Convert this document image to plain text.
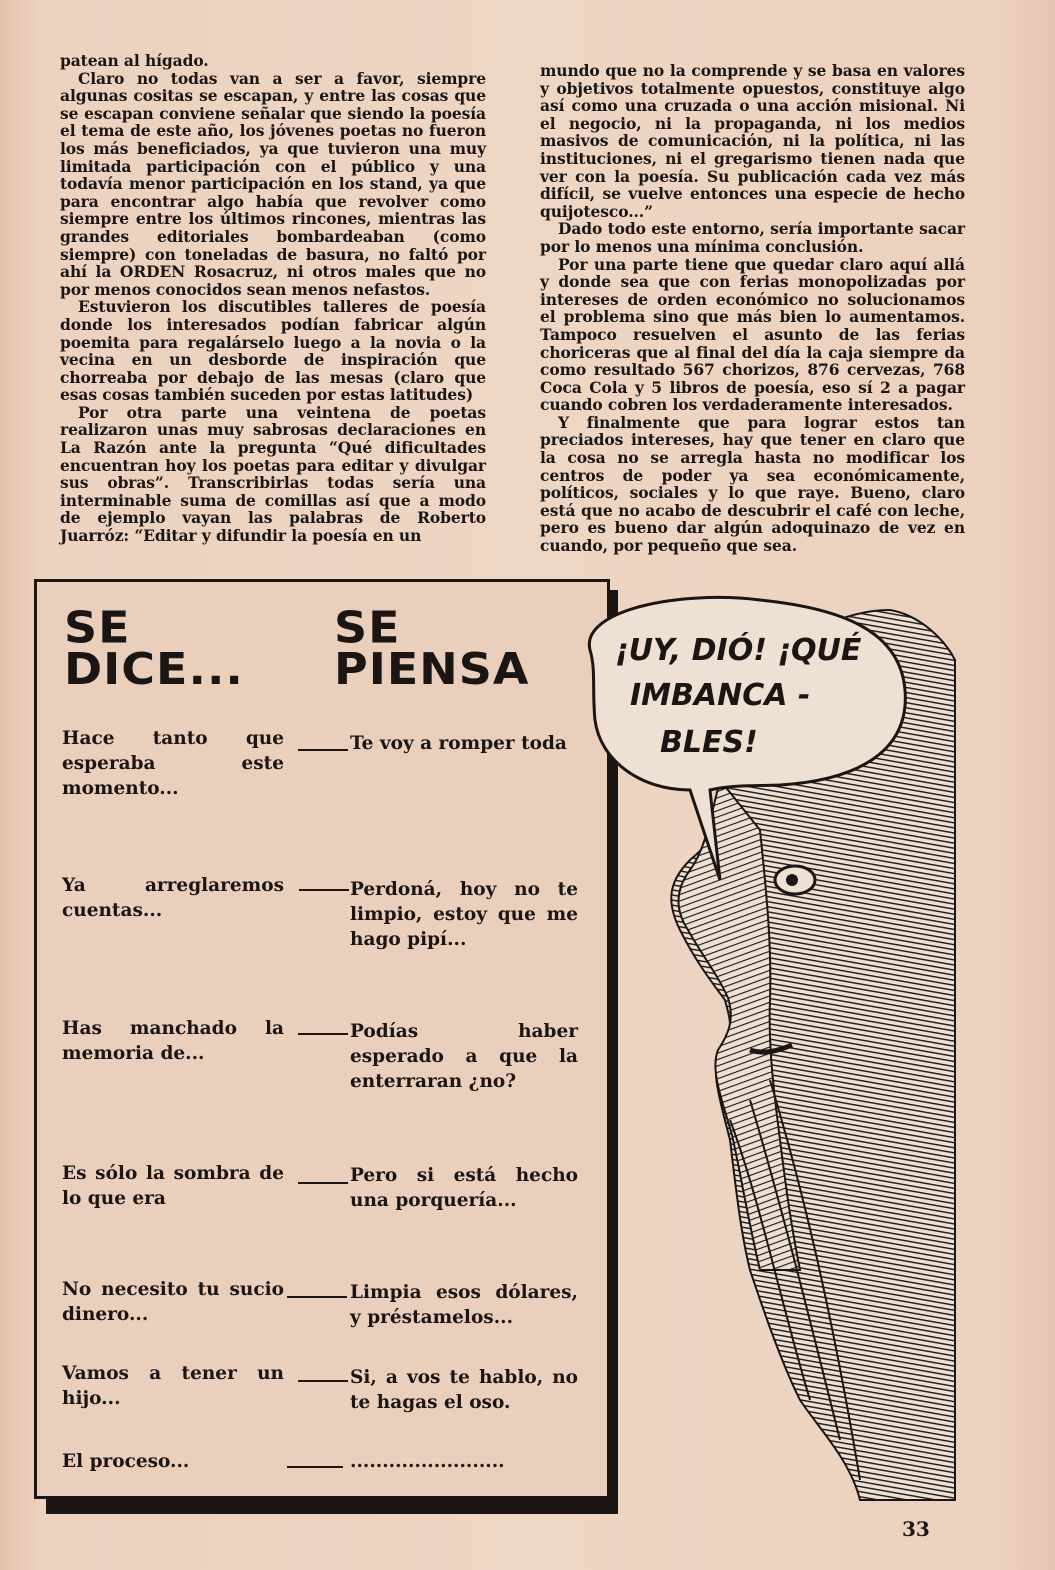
patean al hígado.

Claro no todas van a ser a favor, siempre algunas cositas se escapan, y entre las cosas que se escapan conviene señalar que siendo la poesía el tema de este año, los jóvenes poetas no fueron los más beneficiados, ya que tuvieron una muy limitada participación con el público y una todavía menor participación en los stand, ya que para encontrar algo había que revolver como siempre entre los últimos rincones, mientras las grandes editoriales bombardeaban (como siempre) con toneladas de basura, no faltó por ahí la ORDEN Rosacruz, ni otros males que no por menos conocidos sean menos nefastos.

Estuvieron los discutibles talleres de poesía donde los interesados podían fabricar algún poemita para regalárselo luego a la novia o la vecina en un desborde de inspiración que chorreaba por debajo de las mesas (claro que esas cosas también suceden por estas latitudes)

Por otra parte una veintena de poetas realizaron unas muy sabrosas declaraciones en La Razón ante la pregunta “Qué dificultades encuentran hoy los poetas para editar y divulgar sus obras”. Transcribirlas todas sería una interminable suma de comillas así que a modo de ejemplo vayan las palabras de Roberto Juarróz: “Editar y difundir la poesía en un

mundo que no la comprende y se basa en valores y objetivos totalmente opuestos, constituye algo así como una cruzada o una acción misional. Ni el negocio, ni la propaganda, ni los medios masivos de comunicación, ni la política, ni las instituciones, ni el gregarismo tienen nada que ver con la poesía. Su publicación cada vez más difícil, se vuelve entonces una especie de hecho quijotesco...”

Dado todo este entorno, sería importante sacar por lo menos una mínima conclusión.

Por una parte tiene que quedar claro aquí allá y donde sea que con ferias monopolizadas por intereses de orden económico no solucionamos el problema sino que más bien lo aumentamos. Tampoco resuelven el asunto de las ferias choriceras que al final del día la caja siempre da como resultado 567 chorizos, 876 cervezas, 768 Coca Cola y 5 libros de poesía, eso sí 2 a pagar cuando cobren los verdaderamente interesados.

Y finalmente que para lograr estos tan preciados intereses, hay que tener en claro que la cosa no se arregla hasta no modificar los centros de poder ya sea económicamente, políticos, sociales y lo que raye. Bueno, claro está que no acabo de descubrir el café con leche, pero es bueno dar algún adoquinazo de vez en cuando, por pequeño que sea.

SE
DICE...
SE
PIENSA
Hace tanto que esperaba este momento...
Te voy a romper toda
Ya arreglaremos cuentas...
Perdoná, hoy no te limpio, estoy que me hago pipí...
Has manchado la memoria de...
Podías haber esperado a que la enterraran ¿no?
Es sólo la sombra de lo que era
Pero si está hecho una porquería...
No necesito tu sucio dinero...
Limpia esos dólares, y préstamelos...
Vamos a tener un hijo...
Si, a vos te hablo, no te hagas el oso.
El proceso...	........................
¡UY, DIÓ! ¡QUÉ
IMBANCA -
BLES!
33
